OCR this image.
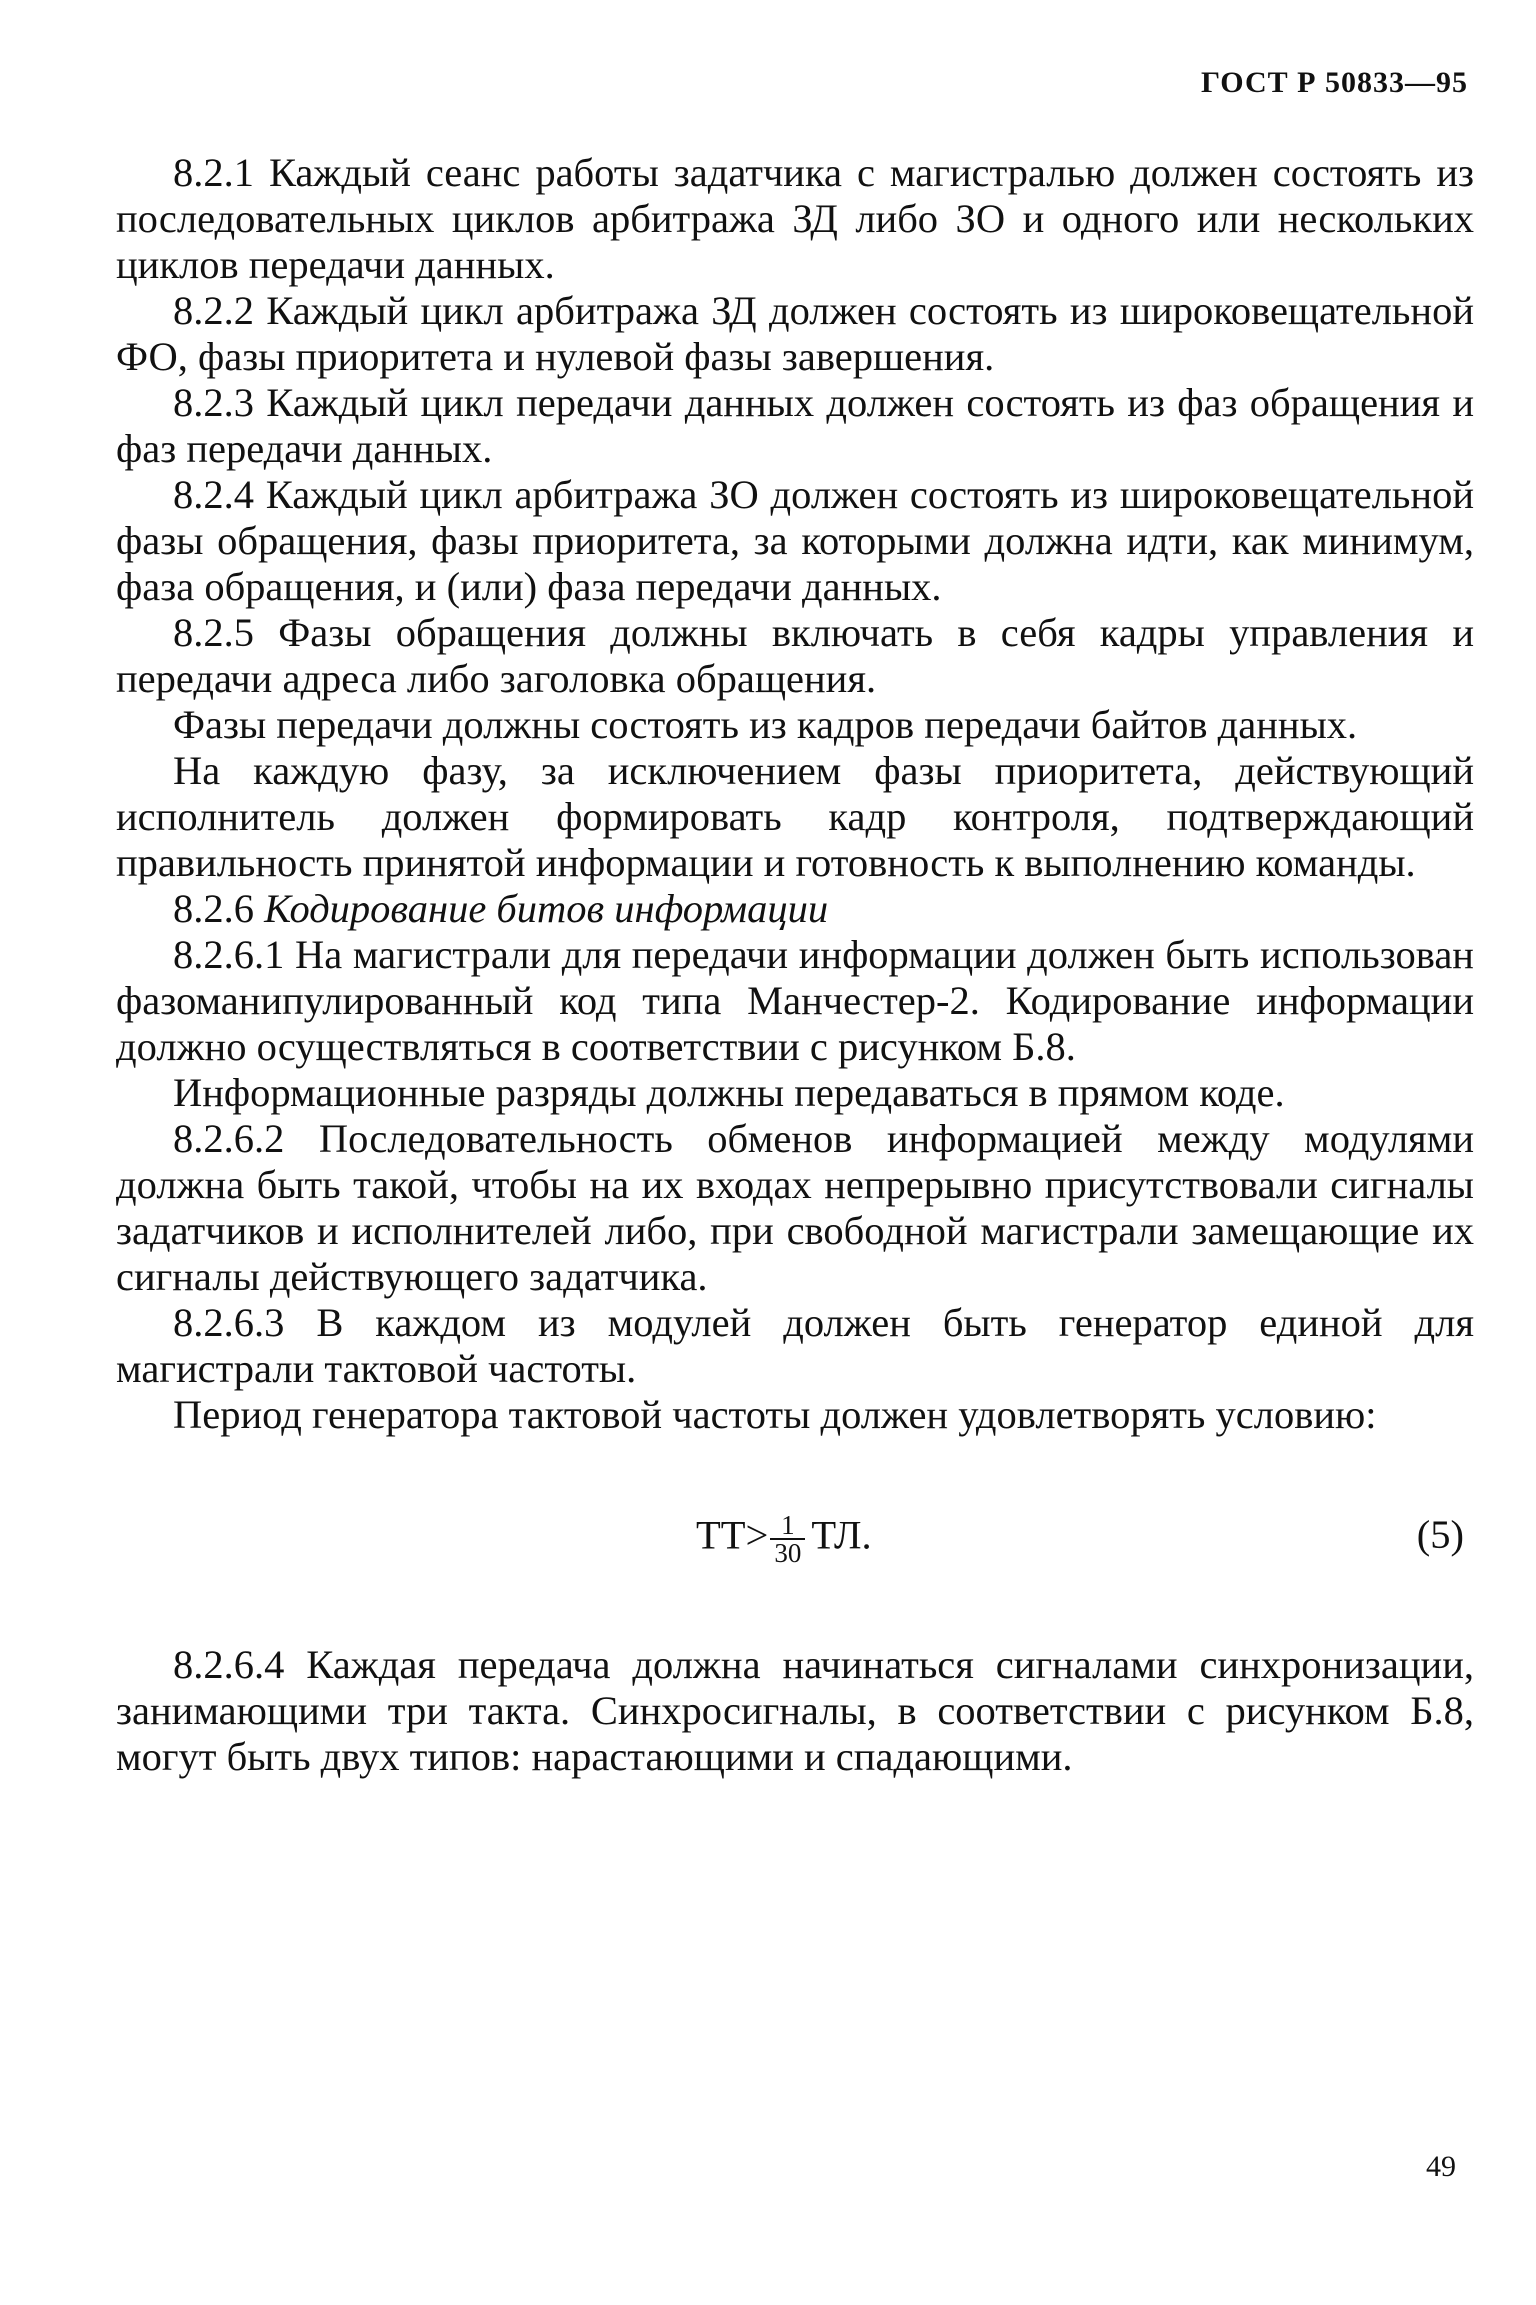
ГОСТ Р 50833—95

8.2.1 Каждый сеанс работы задатчика с магистралью должен состоять из последовательных циклов арбитража ЗД либо ЗО и одного или нескольких циклов передачи данных.

8.2.2 Каждый цикл арбитража ЗД должен состоять из широковещательной ФО, фазы приоритета и нулевой фазы завершения.

8.2.3 Каждый цикл передачи данных должен состоять из фаз обращения и фаз передачи данных.

8.2.4 Каждый цикл арбитража ЗО должен состоять из широковещательной фазы обращения, фазы приоритета, за которыми должна идти, как минимум, фаза обращения, и (или) фаза передачи данных.

8.2.5 Фазы обращения должны включать в себя кадры управления и передачи адреса либо заголовка обращения.

Фазы передачи должны состоять из кадров передачи байтов данных.

На каждую фазу, за исключением фазы приоритета, действующий исполнитель должен формировать кадр контроля, подтверждающий правильность принятой информации и готовность к выполнению команды.

8.2.6 Кодирование битов информации

8.2.6.1 На магистрали для передачи информации должен быть использован фазоманипулированный код типа Манчестер-2. Кодирование информации должно осуществляться в соответствии с рисунком Б.8.

Информационные разряды должны передаваться в прямом коде.

8.2.6.2 Последовательность обменов информацией между модулями должна быть такой, чтобы на их входах непрерывно присутствовали сигналы задатчиков и исполнителей либо, при свободной магистрали замещающие их сигналы действующего задатчика.

8.2.6.3 В каждом из модулей должен быть генератор единой для магистрали тактовой частоты.

Период генератора тактовой частоты должен удовлетворять условию:

$ТТ> \frac{1}{30}$ ТЛ.	(5)

8.2.6.4 Каждая передача должна начинаться сигналами синхронизации, занимающими три такта. Синхросигналы, в соответствии с рисунком Б.8, могут быть двух типов: нарастающими и спадающими.

49
